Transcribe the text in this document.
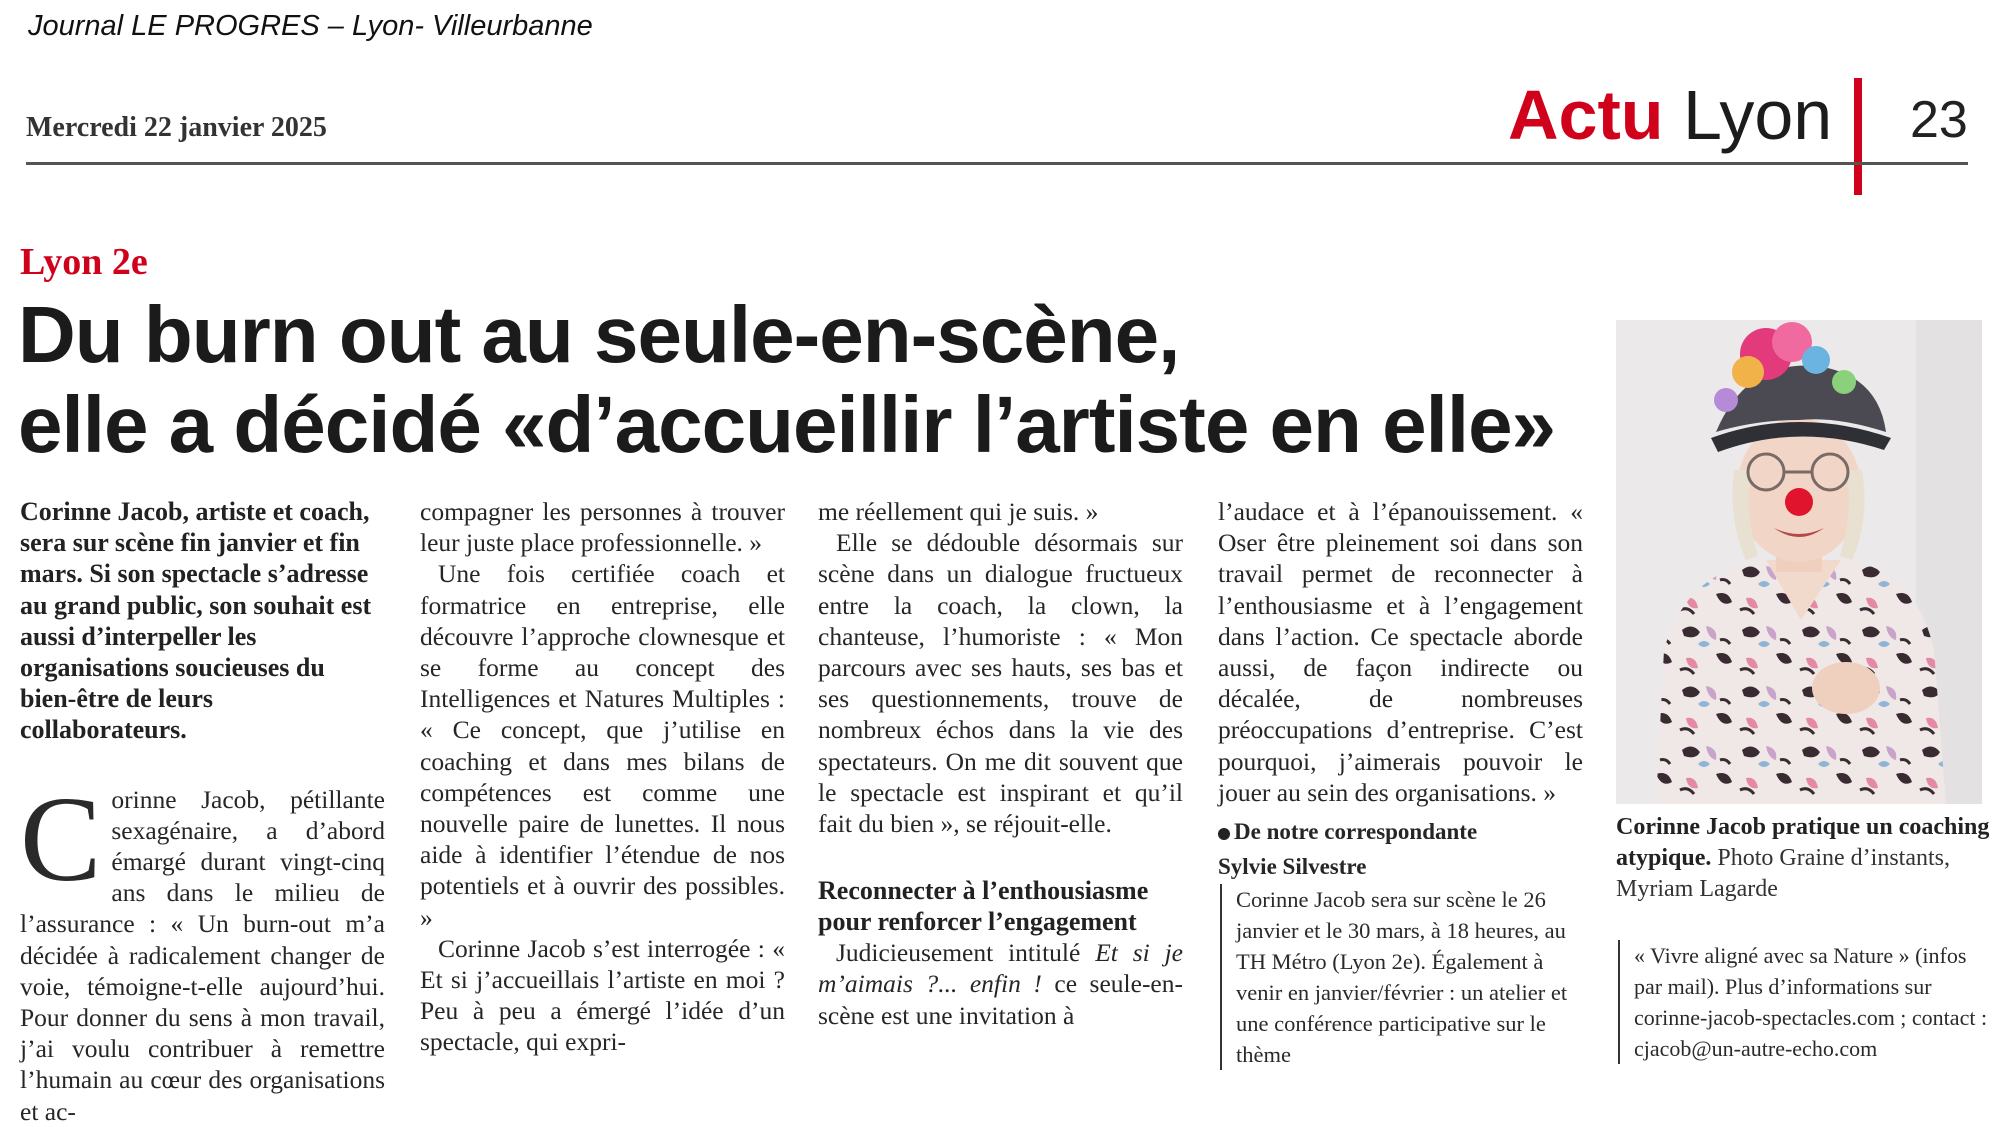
Journal LE PROGRES – Lyon- Villeurbanne
Mercredi 22 janvier 2025	Actu Lyon 23
Lyon 2e
Du burn out au seule-en-scène,
elle a décidé «d’accueillir l’artiste en elle»
Corinne Jacob, artiste et coach, sera sur scène fin janvier et fin mars. Si son spectacle s’adresse au grand public, son souhait est aussi d’interpeller les organisations soucieuses du bien-être de leurs collaborateurs.
Corinne Jacob, pétillante sexagénaire, a d’abord émargé durant vingt-cinq ans dans le milieu de l’assurance : « Un burn-out m’a décidée à radicalement changer de voie, témoigne-t-elle aujourd’hui. Pour donner du sens à mon travail, j’ai voulu contribuer à remettre l’humain au cœur des organisations et ac-
compagner les personnes à trouver leur juste place professionnelle. »
Une fois certifiée coach et formatrice en entreprise, elle découvre l’approche clownesque et se forme au concept des Intelligences et Natures Multiples : « Ce concept, que j’utilise en coaching et dans mes bilans de compétences est comme une nouvelle paire de lunettes. Il nous aide à identifier l’étendue de nos potentiels et à ouvrir des possibles. »
Corinne Jacob s’est interrogée : « Et si j’accueillais l’artiste en moi ? Peu à peu a émergé l’idée d’un spectacle, qui expri-
me réellement qui je suis. »
Elle se dédouble désormais sur scène dans un dialogue fructueux entre la coach, la clown, la chanteuse, l’humoriste : « Mon parcours avec ses hauts, ses bas et ses questionnements, trouve de nombreux échos dans la vie des spectateurs. On me dit souvent que le spectacle est inspirant et qu’il fait du bien », se réjouit-elle.
Reconnecter à l’enthousiasme pour renforcer l’engagement
Judicieusement intitulé Et si je m’aimais ?... enfin ! ce seule-en-scène est une invitation à
l’audace et à l’épanouissement. « Oser être pleinement soi dans son travail permet de reconnecter à l’enthousiasme et à l’engagement dans l’action. Ce spectacle aborde aussi, de façon indirecte ou décalée, de nombreuses préoccupations d’entreprise. C’est pourquoi, j’aimerais pouvoir le jouer au sein des organisations. »
De notre correspondante
Sylvie Silvestre
Corinne Jacob sera sur scène le 26 janvier et le 30 mars, à 18 heures, au TH Métro (Lyon 2e). Également à venir en janvier/février : un atelier et une conférence participative sur le thème
Corinne Jacob pratique un coaching atypique. Photo Graine d’instants, Myriam Lagarde
« Vivre aligné avec sa Nature » (infos par mail). Plus d’informations sur corinne-jacob-spectacles.com ; contact : cjacob@un-autre-echo.com
